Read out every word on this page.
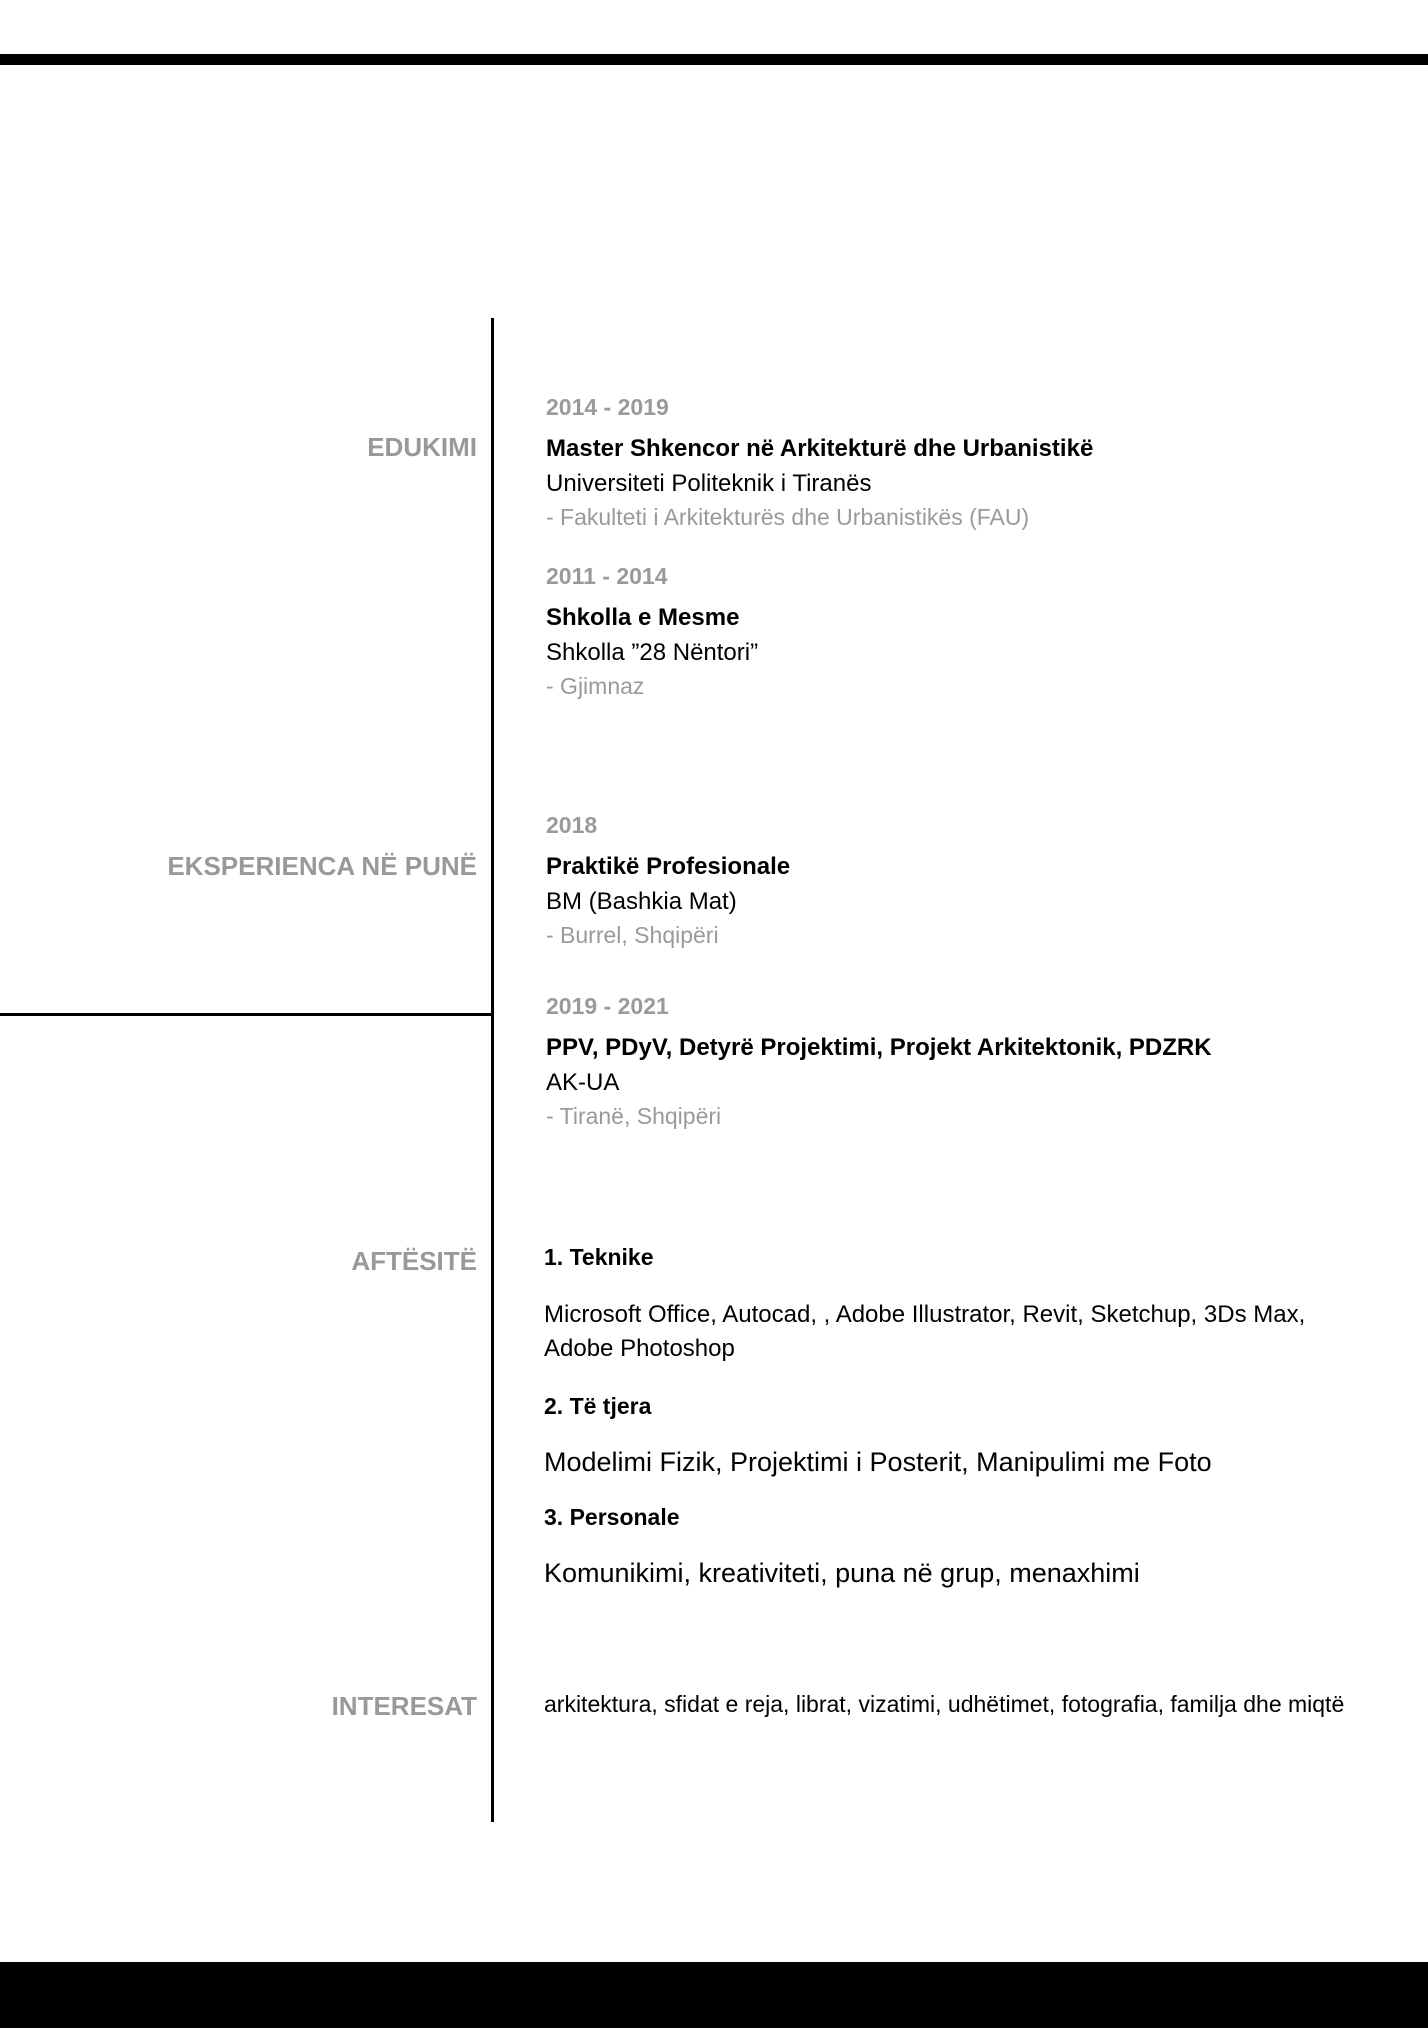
EDUKIMI
2014 - 2019
Master Shkencor në Arkitekturë dhe Urbanistikë
Universiteti Politeknik i Tiranës
- Fakulteti i Arkitekturës dhe Urbanistikës (FAU)
2011 - 2014
Shkolla e Mesme
Shkolla ”28 Nëntori”
- Gjimnaz
EKSPERIENCA NË PUNË
2018
Praktikë Profesionale
BM (Bashkia Mat)
- Burrel, Shqipëri
2019 - 2021
PPV, PDyV, Detyrë Projektimi, Projekt Arkitektonik, PDZRK
AK-UA
- Tiranë, Shqipëri
AFTËSITË	1. Teknike
Microsoft Office, Autocad, , Adobe Illustrator, Revit, Sketchup, 3Ds Max, Adobe Photoshop
2. Të tjera
Modelimi Fizik, Projektimi i Posterit, Manipulimi me Foto
3. Personale
Komunikimi, kreativiteti, puna në grup, menaxhimi
INTERESAT	arkitektura, sfidat e reja, librat, vizatimi, udhëtimet, fotografia, familja dhe miqtë
